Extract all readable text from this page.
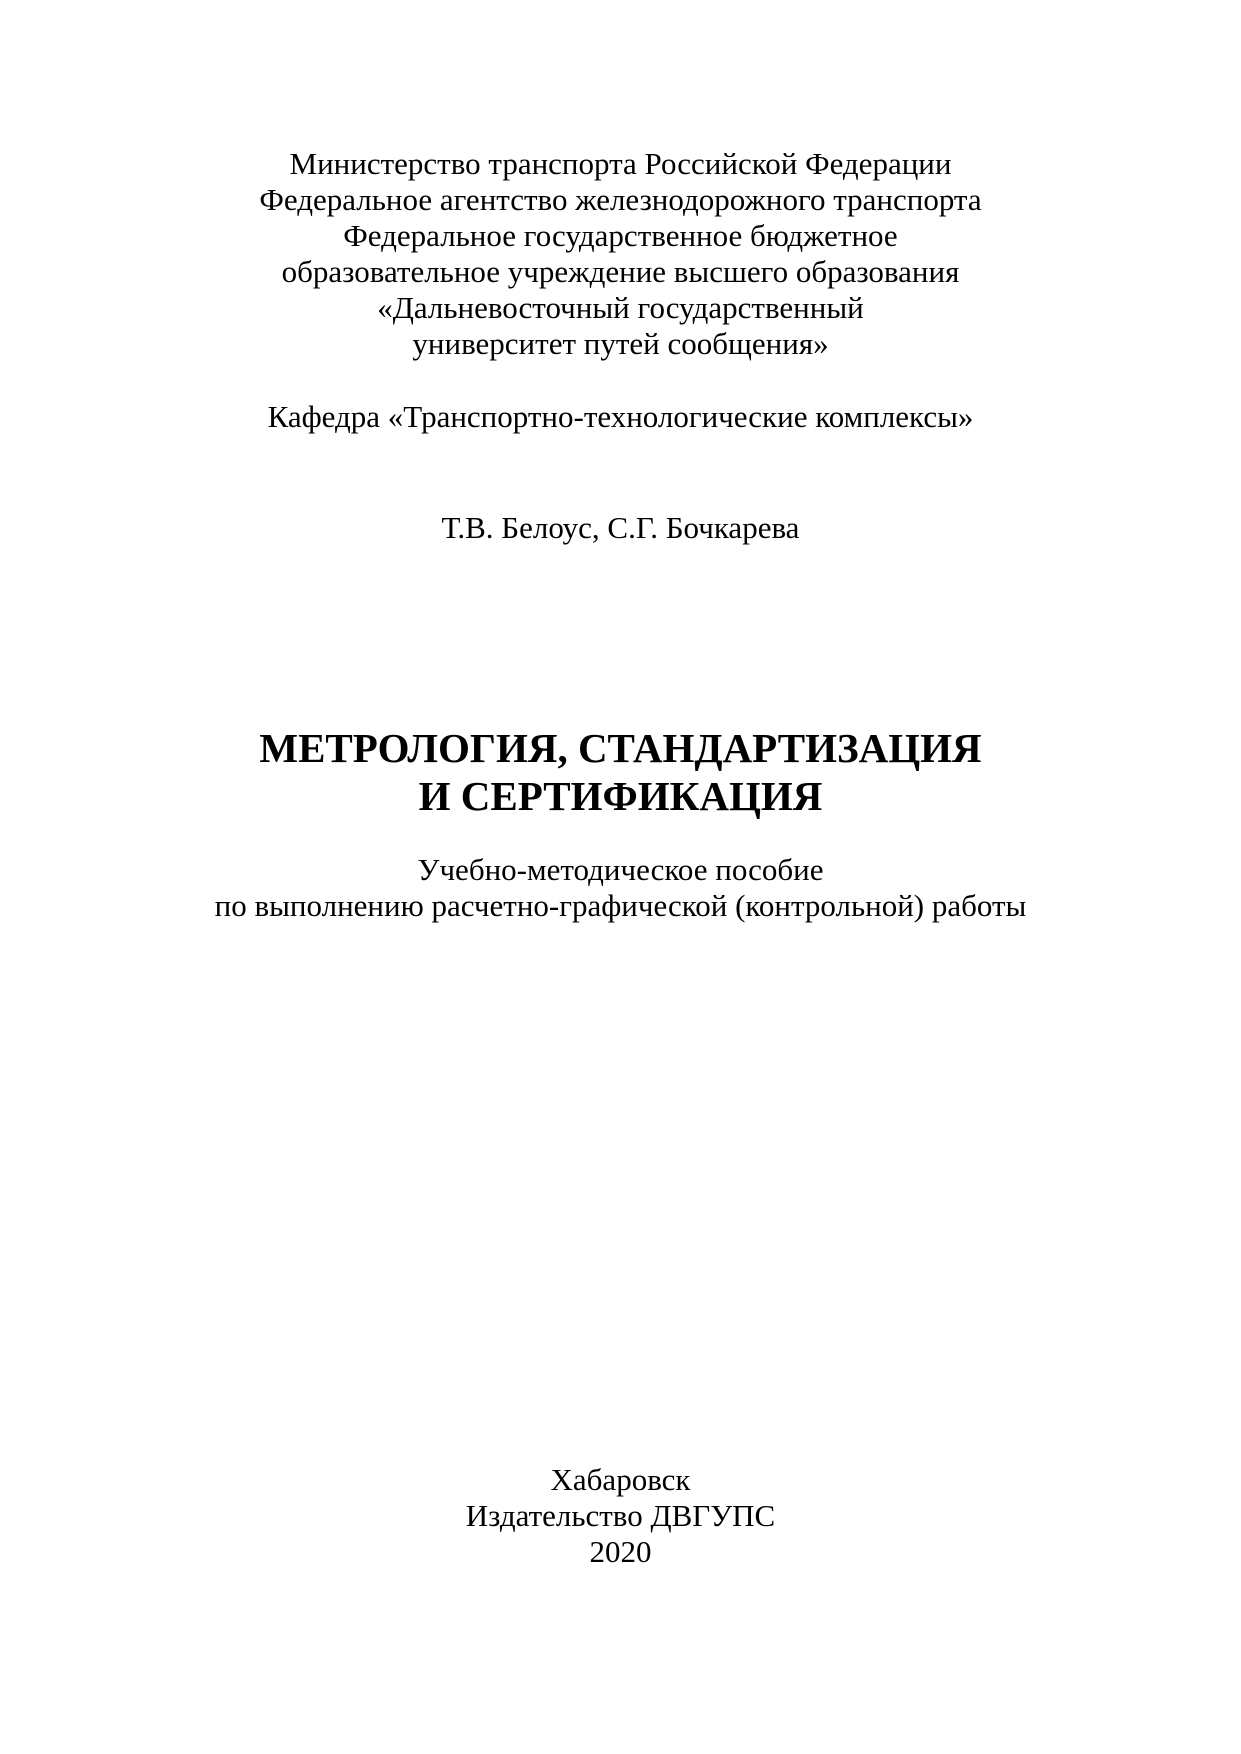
Министерство транспорта Российской Федерации
Федеральное агентство железнодорожного транспорта
Федеральное государственное бюджетное
образовательное учреждение высшего образования
«Дальневосточный государственный
университет путей сообщения»
Кафедра «Транспортно-технологические комплексы»
Т.В. Белоус, С.Г. Бочкарева
МЕТРОЛОГИЯ, СТАНДАРТИЗАЦИЯ
И СЕРТИФИКАЦИЯ
Учебно-методическое пособие
по выполнению расчетно-графической (контрольной) работы
Хабаровск
Издательство ДВГУПС
2020
